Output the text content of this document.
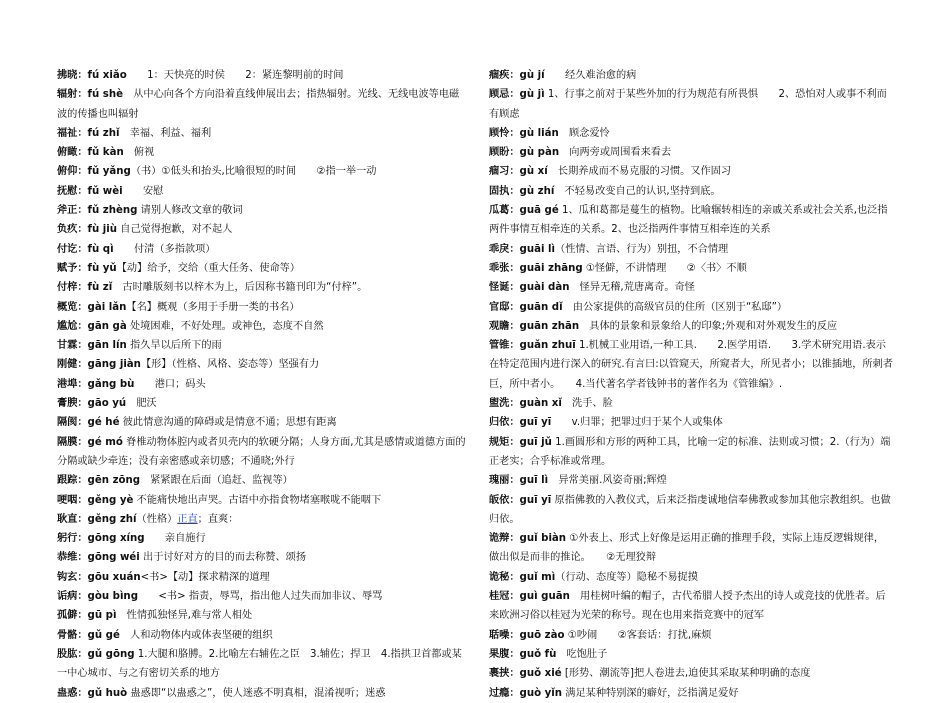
拂晓：fú xiǎo　　1：天快亮的时侯　　2：紧连黎明前的时间

辐射：fú shè　从中心向各个方向沿着直线伸展出去；指热辐射。光线、无线电波等电磁波的传播也叫辐射

福祉：fú zhǐ　幸福、利益、福利

俯瞰：fǔ kàn　俯视

俯仰：fǔ yǎng（书）①低头和抬头,比喻很短的时间　　②指一举一动

抚慰：fǔ wèi　　安慰

斧正：fǔ zhèng 请别人修改文章的敬词

负疚：fù jiù 自己觉得抱歉，对不起人

付讫：fù qì　　付清（多指款项）

赋予：fù yǔ【动】给予，交给（重大任务、使命等）

付梓：fù zǐ　古时雕版刻书以梓木为上，后因称书籍刊印为“付梓”。

概览：gài lǎn【名】概观（多用于手册一类的书名）

尴尬：gān gà 处境困难，不好处理。或神色，态度不自然

甘霖：gān lín 指久旱以后所下的雨

刚健：gāng jiàn【形】（性格、风格、姿态等）坚强有力

港埠：gǎng bù　　港口；码头

膏腴：gāo yú　肥沃

隔阂：gé hé 彼此情意沟通的障碍或是情意不通；思想有距离

隔膜：gé mó 脊椎动物体腔内或者贝壳内的软硬分隔；人身方面,尤其是感情或道德方面的分隔或缺少牵连；没有亲密感或亲切感；不通晓;外行

跟踪：gēn zōng　紧紧跟在后面（追赶、监视等）

哽咽：gěng yè 不能痛快地出声哭。古语中亦指食物堵塞喉咙不能咽下

耿直：gěng zhí（性格）正直；直爽：

躬行：gōng xíng　　亲自施行

恭维：gōng wéi 出于讨好对方的目的而去称赞、颂扬

钩玄：gōu xuán<书>【动】探求精深的道理

诟病：gòu bìng　　<书> 指责，辱骂，指出他人过失而加非议、辱骂

孤僻：gū pì　性情孤独怪异,难与常人相处

骨骼：gǔ gé　人和动物体内或体表坚硬的组织

股肱：gǔ gōng 1.大腿和胳膊。2.比喻左右辅佐之臣　3.辅佐；捍卫　4.指拱卫首都或某一中心城市、与之有密切关系的地方

蛊惑：gǔ huò 蛊惑即“以蛊惑之”，使人迷惑不明真相，混淆视听；迷惑

痼疾：gù jí　　经久难治愈的病

顾忌：gù jì 1、行事之前对于某些外加的行为规范有所畏惧　　2、恐怕对人或事不利而有顾虑

顾怜：gù lián　顾念爱怜

顾盼：gù pàn　向两旁或周围看来看去

痼习：gù xí　长期养成而不易克服的习惯。又作固习

固执：gù zhí　不轻易改变自己的认识,坚持到底。

瓜葛：guā gé 1、瓜和葛都是蔓生的植物。比喻辗转相连的亲戚关系或社会关系,也泛指两件事情互相牵连的关系。2、也泛指两件事情互相牵连的关系

乖戾：guāi lì（性情、言语、行为）别扭，不合情理

乖张：guāi zhāng ①怪僻，不讲情理　　②〈书〉不顺

怪诞：guài dàn　怪异无稽,荒唐离奇。奇怪

官邸：guān dǐ　由公家提供的高级官员的住所（区别于“私邸”）

观瞻：guān zhān　具体的景象和景象给人的印象;外观和对外观发生的反应

管锥：guǎn zhuī 1.机械工业用语,一种工具.　　2.医学用语.　　3.学术研究用语.表示在特定范围内进行深入的研究.有言曰:以管窥天，所窥者大，所见者小；以锥插地，所刺者巨，所中者小。　　4.当代著名学者钱钟书的著作名为《管锥编》.

盥洗：guàn xǐ　洗手、脸

归依：guī yī　　v.归罪；把罪过归于某个人或集体

规矩：guī jǔ 1.画圆形和方形的两种工具，比喻一定的标准、法则或习惯；2.（行为）端正老实；合乎标准或常理。

瑰丽：guī lì　异常美丽.风姿奇丽;辉煌

皈依：guī yī 原指佛教的入教仪式，后来泛指虔诚地信奉佛教或参加其他宗教组织。也做归依。

诡辩：guǐ biàn ①外表上、形式上好像是运用正确的推理手段，实际上违反逻辑规律，做出似是而非的推论。　　②无理狡辩

诡秘：guǐ mì（行动、态度等）隐秘不易捉摸

桂冠：guì guān　用桂树叶编的帽子，古代希腊人授予杰出的诗人或竞技的优胜者。后来欧洲习俗以桂冠为光荣的称号。现在也用来指竞赛中的冠军

聒噪：guō zào ①吵闹　　②客套话：打扰,麻烦

果腹：guǒ fù　吃饱肚子

裹挟：guǒ xié [形势、潮流等]把人卷进去,迫使其采取某种明确的态度

过瘾：guò yǐn 满足某种特别深的癖好，泛指满足爱好
